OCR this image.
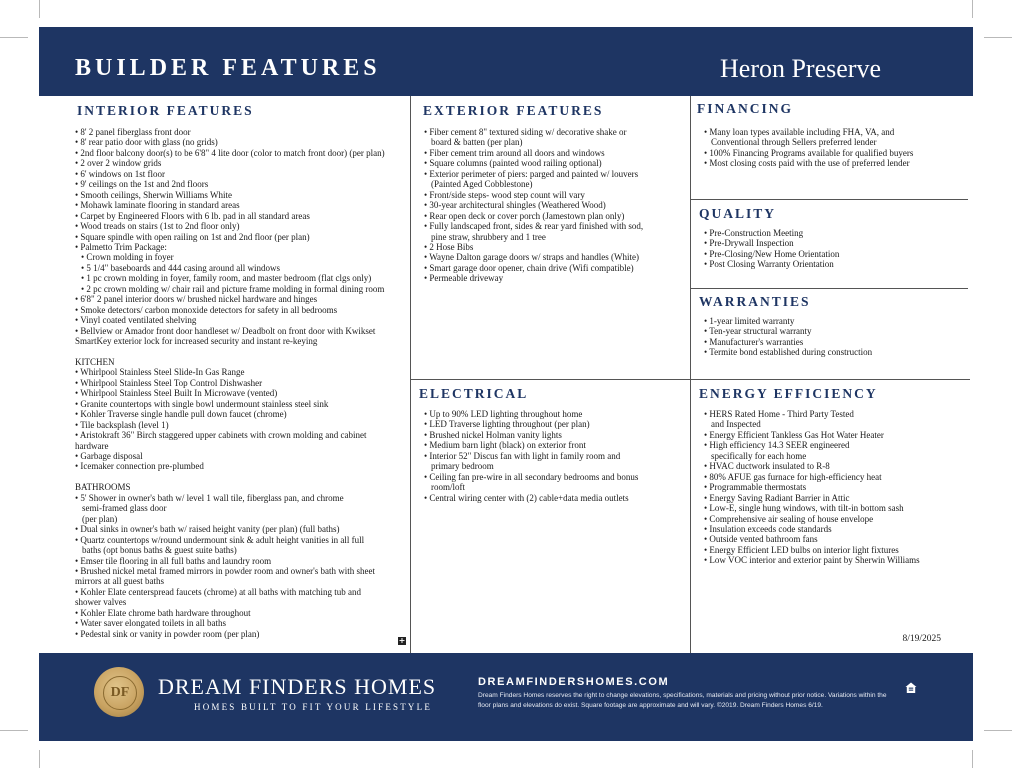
BUILDER FEATURES	Heron Preserve
INTERIOR FEATURES
• 8' 2 panel fiberglass front door
• 8' rear patio door with glass (no grids)
• 2nd floor balcony door(s) to be 6'8" 4 lite door (color to match front door) (per plan)
• 2 over 2 window grids
• 6' windows on 1st floor
• 9' ceilings on the 1st and 2nd floors
• Smooth ceilings, Sherwin Williams White
• Mohawk laminate flooring in standard areas
• Carpet by Engineered Floors with 6 lb. pad in all standard areas
• Wood treads on stairs (1st to 2nd floor only)
• Square spindle with open railing on 1st and 2nd floor (per plan)
• Palmetto Trim Package:
• Crown molding in foyer
• 5 1/4" baseboards and 444 casing around all windows
• 1 pc crown molding in foyer, family room, and master bedroom (flat clgs only)
• 2 pc crown molding w/ chair rail and picture frame molding in formal dining room
• 6'8" 2 panel interior doors w/ brushed nickel hardware and hinges
• Smoke detectors/ carbon monoxide detectors for safety in all bedrooms
• Vinyl coated ventilated shelving
• Bellview or Amador front door handleset w/ Deadbolt on front door with Kwikset
SmartKey exterior lock for increased security and instant re-keying
KITCHEN
• Whirlpool Stainless Steel Slide-In Gas Range
• Whirlpool Stainless Steel Top Control Dishwasher
• Whirlpool Stainless Steel Built In Microwave (vented)
• Granite countertops with single bowl undermount stainless steel sink
• Kohler Traverse single handle pull down faucet (chrome)
• Tile backsplash (level 1)
• Aristokraft 36" Birch staggered upper cabinets with crown molding and cabinet
hardware
• Garbage disposal
• Icemaker connection pre-plumbed
BATHROOMS
• 5' Shower in owner's bath w/ level 1 wall tile, fiberglass pan, and chrome
semi-framed glass door
(per plan)
• Dual sinks in owner's bath w/ raised height vanity (per plan) (full baths)
• Quartz countertops w/round undermount sink & adult height vanities in all full
baths (opt bonus baths & guest suite baths)
• Emser tile flooring in all full baths and laundry room
• Brushed nickel metal framed mirrors in powder room and owner's bath with sheet
mirrors at all guest baths
• Kohler Elate centerspread faucets (chrome) at all baths with matching tub and
shower valves
• Kohler Elate chrome bath hardware throughout
• Water saver elongated toilets in all baths
• Pedestal sink or vanity in powder room (per plan)
+
EXTERIOR FEATURES
• Fiber cement 8" textured siding w/ decorative shake or
board & batten (per plan)
• Fiber cement trim around all doors and windows
• Square columns (painted wood railing optional)
• Exterior perimeter of piers: parged and painted w/ louvers
(Painted Aged Cobblestone)
• Front/side steps- wood step count will vary
• 30-year architectural shingles (Weathered Wood)
• Rear open deck or cover porch (Jamestown plan only)
• Fully landscaped front, sides & rear yard finished with sod,
pine straw, shrubbery and 1 tree
• 2 Hose Bibs
• Wayne Dalton garage doors w/ straps and handles (White)
• Smart garage door opener, chain drive (Wifi compatible)
• Permeable driveway
FINANCING
• Many loan types available including FHA, VA, and
Conventional through Sellers preferred lender
• 100% Financing Programs available for qualified buyers
• Most closing costs paid with the use of preferred lender
QUALITY
• Pre-Construction Meeting
• Pre-Drywall Inspection
• Pre-Closing/New Home Orientation
• Post Closing Warranty Orientation
WARRANTIES
• 1-year limited warranty
• Ten-year structural warranty
• Manufacturer's warranties
• Termite bond established during construction
ELECTRICAL
• Up to 90% LED lighting throughout home
• LED Traverse lighting throughout (per plan)
• Brushed nickel Holman vanity lights
• Medium barn light (black) on exterior front
• Interior 52" Discus fan with light in family room and
primary bedroom
• Ceiling fan pre-wire in all secondary bedrooms and bonus
room/loft
• Central wiring center with (2) cable+data media outlets
ENERGY EFFICIENCY
• HERS Rated Home - Third Party Tested
and Inspected
• Energy Efficient Tankless Gas Hot Water Heater
• High efficiency 14.3 SEER engineered
specifically for each home
• HVAC ductwork insulated to R-8
• 80% AFUE gas furnace for high-efficiency heat
• Programmable thermostats
• Energy Saving Radiant Barrier in Attic
• Low-E, single hung windows, with tilt-in bottom sash
• Comprehensive air sealing of house envelope
• Insulation exceeds code standards
• Outside vented bathroom fans
• Energy Efficient LED bulbs on interior light fixtures
• Low VOC interior and exterior paint by Sherwin Williams
8/19/2025
DF	DREAM FINDERS HOMES
HOMES BUILT TO FIT YOUR LIFESTYLE
DREAMFINDERSHOMES.COM
Dream Finders Homes reserves the right to change elevations, specifications, materials and pricing without prior notice. Variations within the floor plans and elevations do exist. Square footage are approximate and will vary. ©2019. Dream Finders Homes 6/19.
